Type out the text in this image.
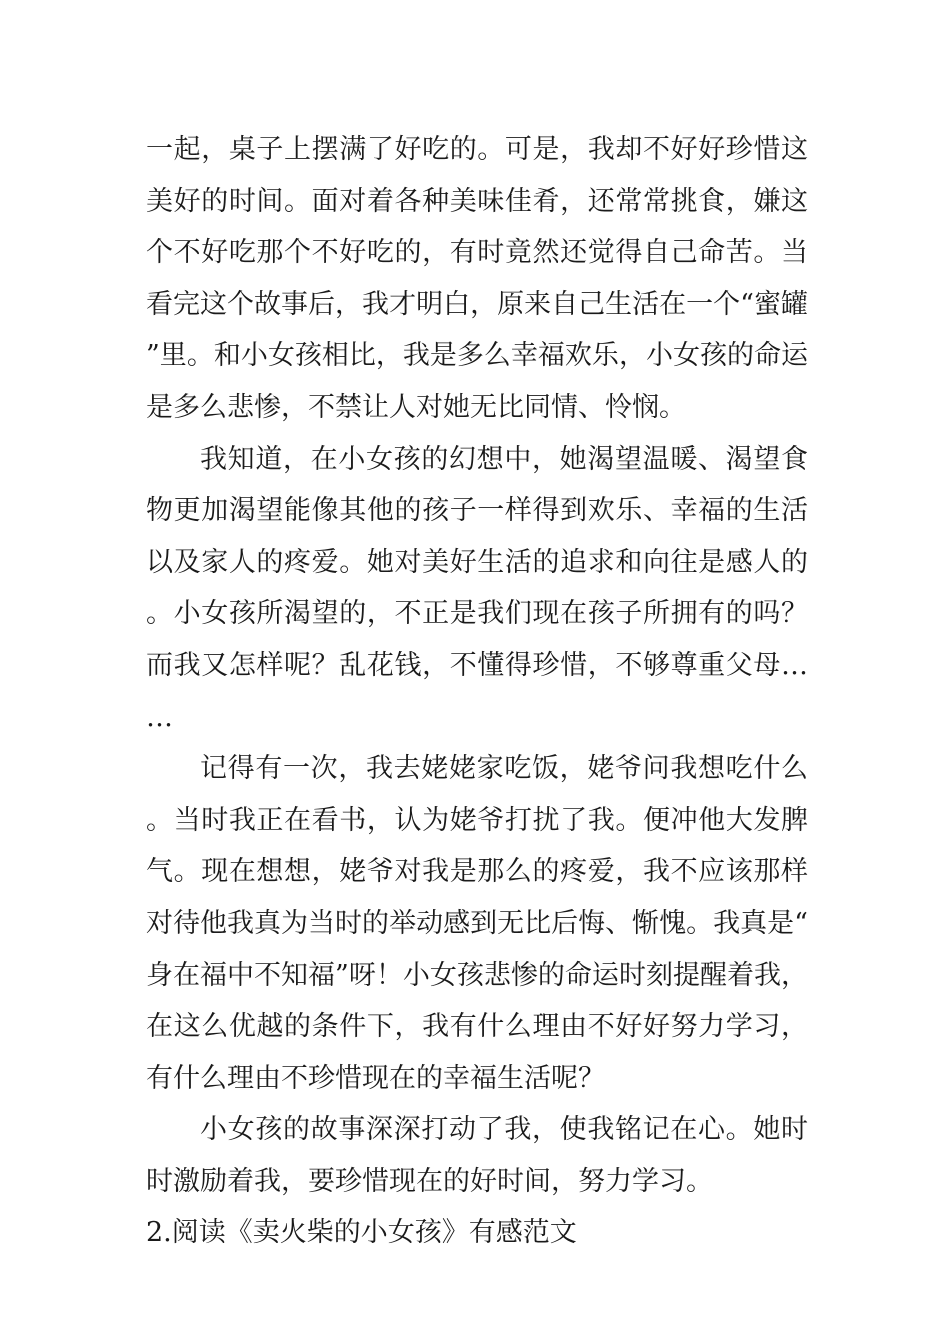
一起，桌子上摆满了好吃的。可是，我却不好好珍惜这美好的时间。面对着各种美味佳肴，还常常挑食，嫌这个不好吃那个不好吃的，有时竟然还觉得自己命苦。当看完这个故事后，我才明白，原来自己生活在一个“蜜罐”里。和小女孩相比，我是多么幸福欢乐，小女孩的命运是多么悲惨，不禁让人对她无比同情、怜悯。

我知道，在小女孩的幻想中，她渴望温暖、渴望食物更加渴望能像其他的孩子一样得到欢乐、幸福的生活以及家人的疼爱。她对美好生活的追求和向往是感人的。小女孩所渴望的，不正是我们现在孩子所拥有的吗？而我又怎样呢？乱花钱，不懂得珍惜，不够尊重父母……

记得有一次，我去姥姥家吃饭，姥爷问我想吃什么。当时我正在看书，认为姥爷打扰了我。便冲他大发脾气。现在想想，姥爷对我是那么的疼爱，我不应该那样对待他我真为当时的举动感到无比后悔、惭愧。我真是“身在福中不知福”呀！小女孩悲惨的命运时刻提醒着我，在这么优越的条件下，我有什么理由不好好努力学习，有什么理由不珍惜现在的幸福生活呢？

小女孩的故事深深打动了我，使我铭记在心。她时时激励着我，要珍惜现在的好时间，努力学习。

2.阅读《卖火柴的小女孩》有感范文
